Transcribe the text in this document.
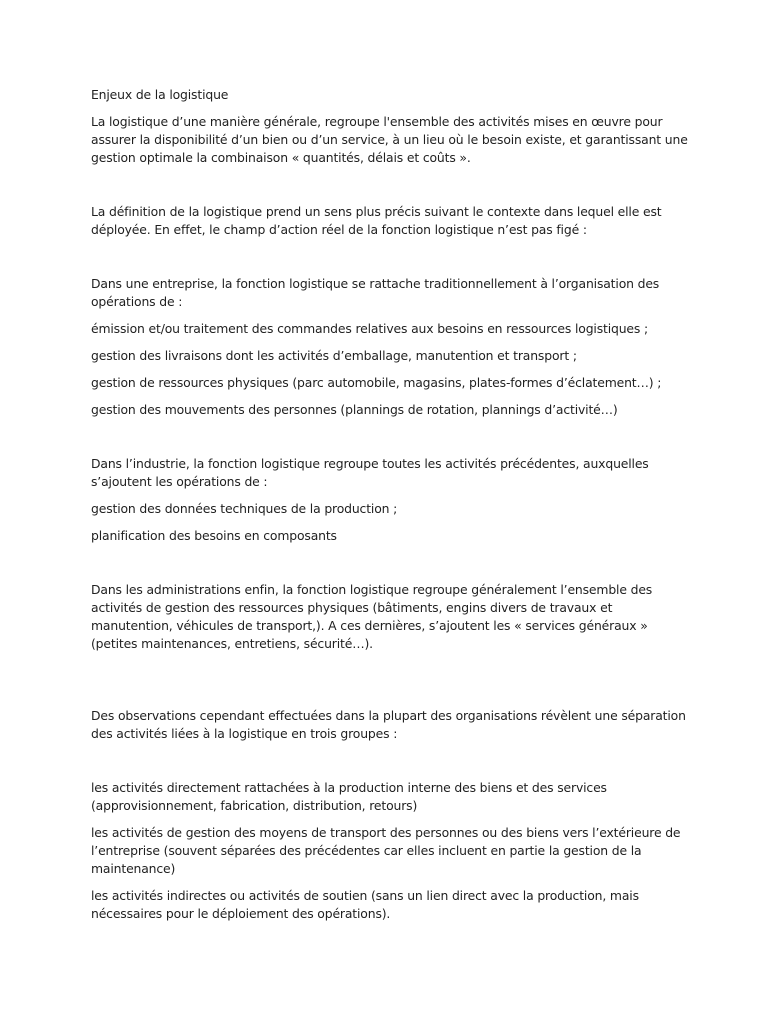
Enjeux de la logistique

La logistique d’une manière générale, regroupe l'ensemble des activités mises en œuvre pour assurer la disponibilité d’un bien ou d’un service, à un lieu où le besoin existe, et garantissant une gestion optimale la combinaison « quantités, délais et coûts ».

La définition de la logistique prend un sens plus précis suivant le contexte dans lequel elle est déployée. En effet, le champ d’action réel de la fonction logistique n’est pas figé :

Dans une entreprise, la fonction logistique se rattache traditionnellement à l’organisation des opérations de :

émission et/ou traitement des commandes relatives aux besoins en ressources logistiques ;

gestion des livraisons dont les activités d’emballage, manutention et transport ;

gestion de ressources physiques (parc automobile, magasins, plates-formes d’éclatement…) ;

gestion des mouvements des personnes (plannings de rotation, plannings d’activité…)

Dans l’industrie, la fonction logistique regroupe toutes les activités précédentes, auxquelles s’ajoutent les opérations de :

gestion des données techniques de la production ;

planification des besoins en composants

Dans les administrations enfin, la fonction logistique regroupe généralement l’ensemble des activités de gestion des ressources physiques (bâtiments, engins divers de travaux et manutention, véhicules de transport,). A ces dernières, s’ajoutent les « services généraux » (petites maintenances, entretiens, sécurité…).

Des observations cependant effectuées dans la plupart des organisations révèlent une séparation des activités liées à la logistique en trois groupes :

les activités directement rattachées à la production interne des biens et des services (approvisionnement, fabrication, distribution, retours)

les activités de gestion des moyens de transport des personnes ou des biens vers l’extérieure de l’entreprise (souvent séparées des précédentes car elles incluent en partie la gestion de la maintenance)

les activités indirectes ou activités de soutien (sans un lien direct avec la production, mais nécessaires pour le déploiement des opérations).
